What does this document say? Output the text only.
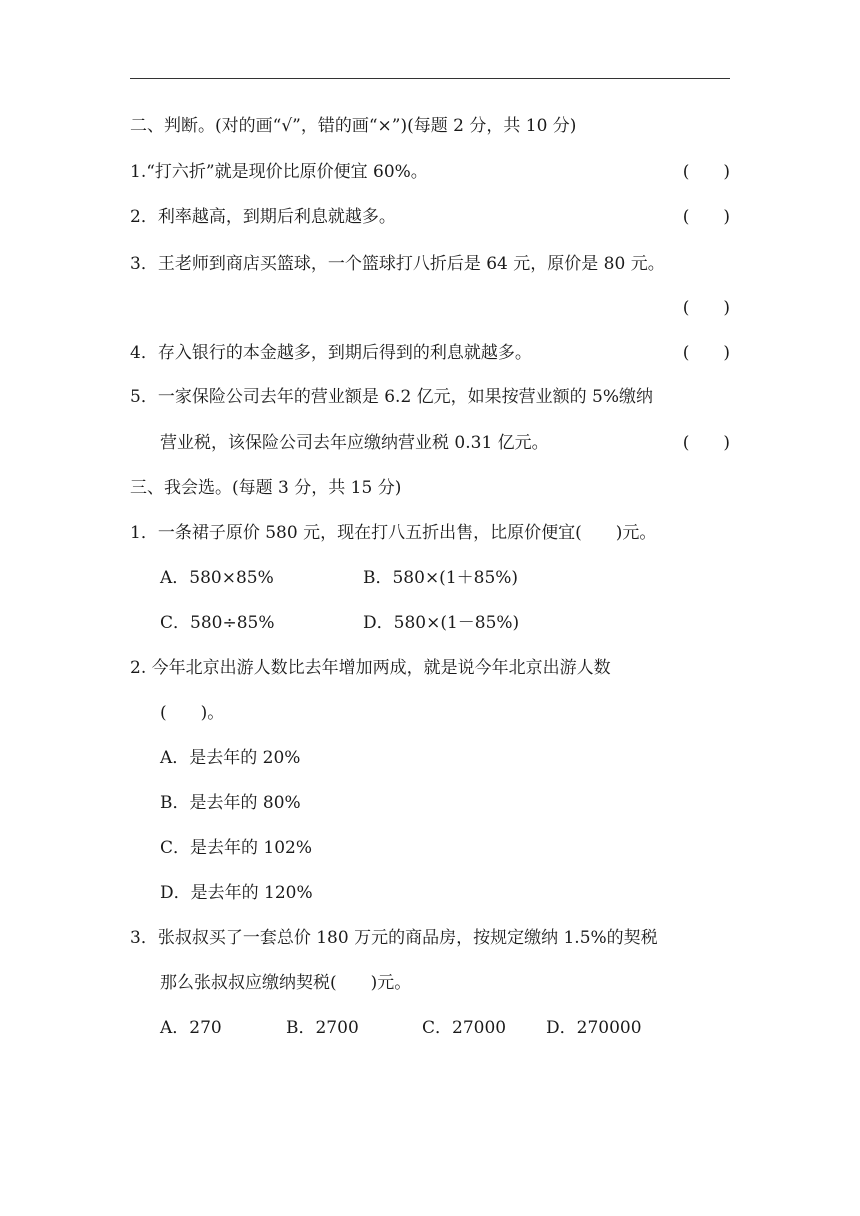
二、判断。(对的画“√”，错的画“×”)(每题 2 分，共 10 分)
1.“打六折”就是现价比原价便宜 60%。	(　　)
2．利率越高，到期后利息就越多。	(　　)
3．王老师到商店买篮球，一个篮球打八折后是 64 元，原价是 80 元。
(　　)
4．存入银行的本金越多，到期后得到的利息就越多。	(　　)
5．一家保险公司去年的营业额是 6.2 亿元，如果按营业额的 5%缴纳
营业税，该保险公司去年应缴纳营业税 0.31 亿元。	(　　)
三、我会选。(每题 3 分，共 15 分)
1．一条裙子原价 580 元，现在打八五折出售，比原价便宜(　　)元。
A．580×85%	B．580×(1＋85%)
C．580÷85%	D．580×(1－85%)
2. 今年北京出游人数比去年增加两成，就是说今年北京出游人数
(　　)。
A．是去年的 20%
B．是去年的 80%
C．是去年的 102%
D．是去年的 120%
3．张叔叔买了一套总价 180 万元的商品房，按规定缴纳 1.5%的契税
那么张叔叔应缴纳契税(　　)元。
A．270	B．2700	C．27000 D．270000
